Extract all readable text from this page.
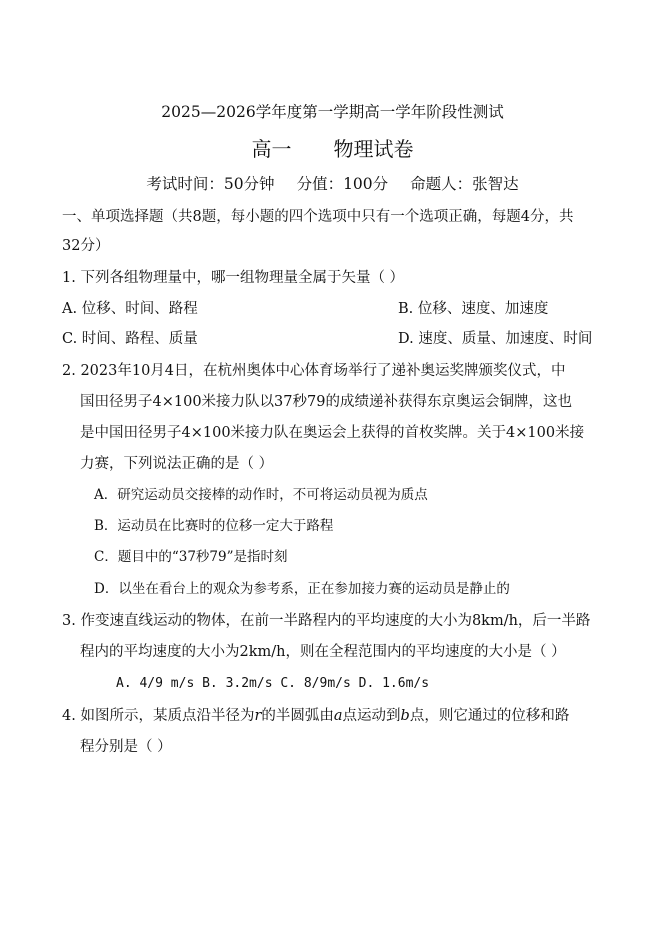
2025—2026学年度第一学期高一学年阶段性测试
高一 物理试卷
考试时间：50分钟 分值：100分 命题人：张智达
一、单项选择题（共8题，每小题的四个选项中只有一个选项正确，每题4分，共
32分）
1. 下列各组物理量中，哪一组物理量全属于矢量（ ）
A. 位移、时间、路程	B. 位移、速度、加速度
C. 时间、路程、质量	D. 速度、质量、加速度、时间
2. 2023年10月4日，在杭州奥体中心体育场举行了递补奥运奖牌颁奖仪式，中
国田径男子4×100米接力队以37秒79的成绩递补获得东京奥运会铜牌，这也
是中国田径男子4×100米接力队在奥运会上获得的首枚奖牌。关于4×100米接
力赛，下列说法正确的是（ ）
A．研究运动员交接棒的动作时，不可将运动员视为质点
B．运动员在比赛时的位移一定大于路程
C．题目中的“37秒79”是指时刻
D．以坐在看台上的观众为参考系，正在参加接力赛的运动员是静止的
3. 作变速直线运动的物体，在前一半路程内的平均速度的大小为8km/h，后一半路
程内的平均速度的大小为2km/h，则在全程范围内的平均速度的大小是（ ）
A. 4/9 m/s B. 3.2m/s C. 8/9m/s D. 1.6m/s
4. 如图所示，某质点沿半径为r的半圆弧由a点运动到b点，则它通过的位移和路
程分别是（ ）
